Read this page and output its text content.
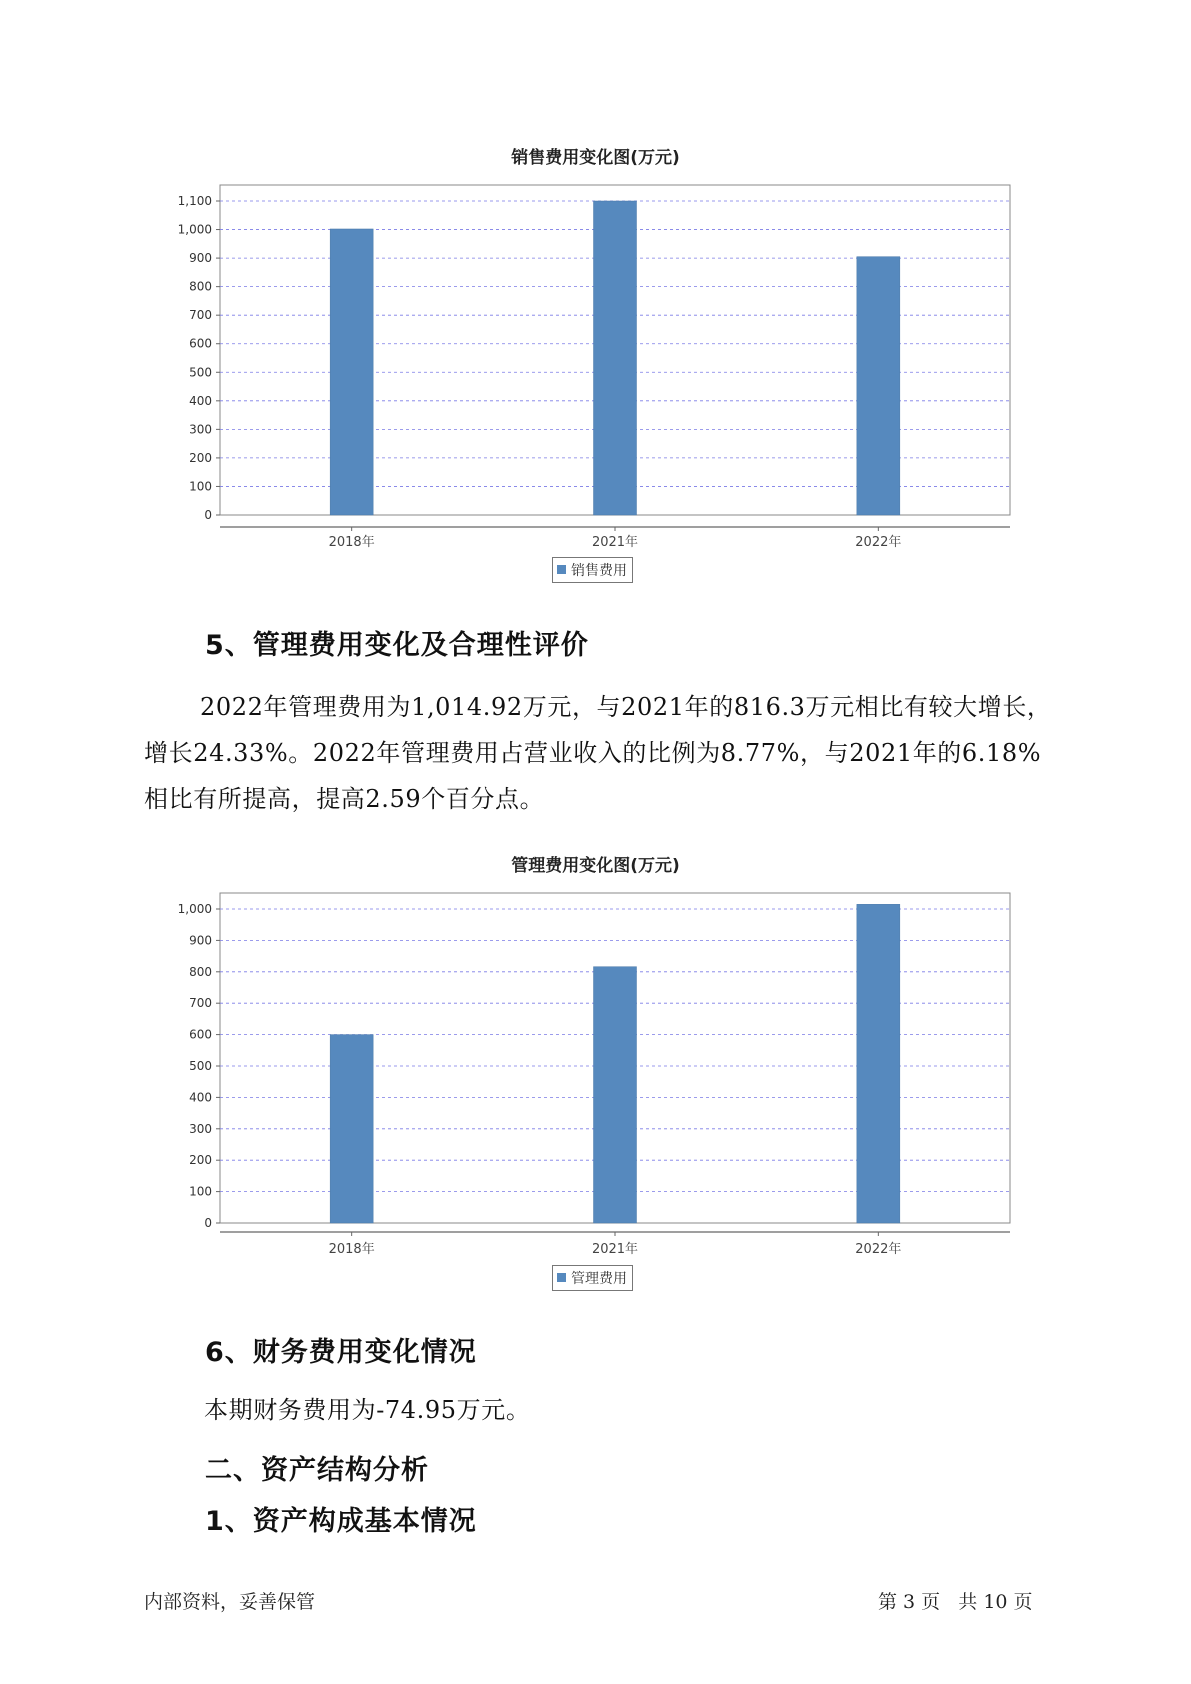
销售费用变化图(万元)
0
100
200
300
400
500
600
700
800
900
1,000
1,100
2018年	2021年	2022年
销售费用
5、管理费用变化及合理性评价
2022年管理费用为1,014.92万元，与2021年的816.3万元相比有较大增长，增长24.33%。2022年管理费用占营业收入的比例为8.77%，与2021年的6.18%相比有所提高，提高2.59个百分点。
管理费用变化图(万元)
0
100
200
300
400
500
600
700
800
900
1,000
2018年	2021年	2022年
管理费用
6、财务费用变化情况
本期财务费用为-74.95万元。
二、资产结构分析
1、资产构成基本情况
内部资料，妥善保管	第 3 页   共 10 页
